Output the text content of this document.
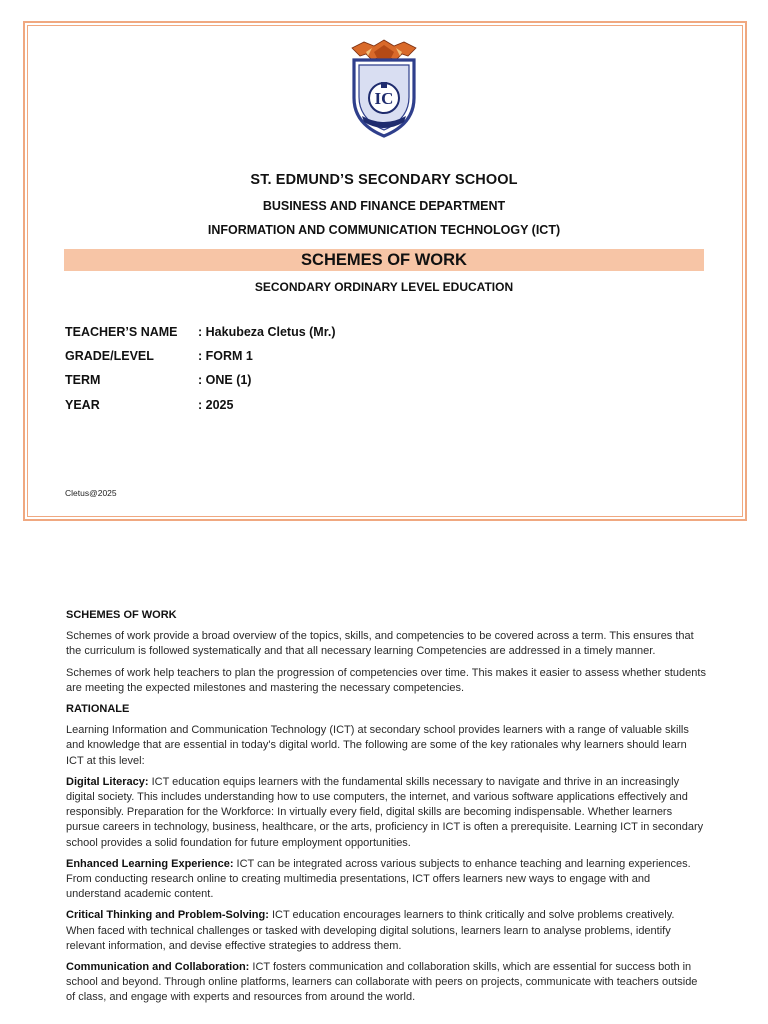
IC
ST. EDMUND’S SECONDARY SCHOOL
BUSINESS AND FINANCE DEPARTMENT
INFORMATION AND COMMUNICATION TECHNOLOGY (ICT)
SCHEMES OF WORK
SECONDARY ORDINARY LEVEL EDUCATION
TEACHER’S NAME : Hakubeza Cletus (Mr.)
GRADE/LEVEL	: FORM 1
TERM	: ONE (1)
YEAR	: 2025
Cletus@2025
SCHEMES OF WORK

Schemes of work provide a broad overview of the topics, skills, and competencies to be covered across a term. This ensures that the curriculum is followed systematically and that all necessary learning Competencies are addressed in a timely manner.

Schemes of work help teachers to plan the progression of competencies over time. This makes it easier to assess whether students are meeting the expected milestones and mastering the necessary competencies.

RATIONALE

Learning Information and Communication Technology (ICT) at secondary school provides learners with a range of valuable skills and knowledge that are essential in today's digital world. The following are some of the key rationales why learners should learn ICT at this level:

Digital Literacy: ICT education equips learners with the fundamental skills necessary to navigate and thrive in an increasingly digital society. This includes understanding how to use computers, the internet, and various software applications effectively and responsibly. Preparation for the Workforce: In virtually every field, digital skills are becoming indispensable. Whether learners pursue careers in technology, business, healthcare, or the arts, proficiency in ICT is often a prerequisite. Learning ICT in secondary school provides a solid foundation for future employment opportunities.

Enhanced Learning Experience: ICT can be integrated across various subjects to enhance teaching and learning experiences. From conducting research online to creating multimedia presentations, ICT offers learners new ways to engage with and understand academic content.

Critical Thinking and Problem-Solving: ICT education encourages learners to think critically and solve problems creatively. When faced with technical challenges or tasked with developing digital solutions, learners learn to analyse problems, identify relevant information, and devise effective strategies to address them.

Communication and Collaboration: ICT fosters communication and collaboration skills, which are essential for success both in school and beyond. Through online platforms, learners can collaborate with peers on projects, communicate with teachers outside of class, and engage with experts and resources from around the world.
